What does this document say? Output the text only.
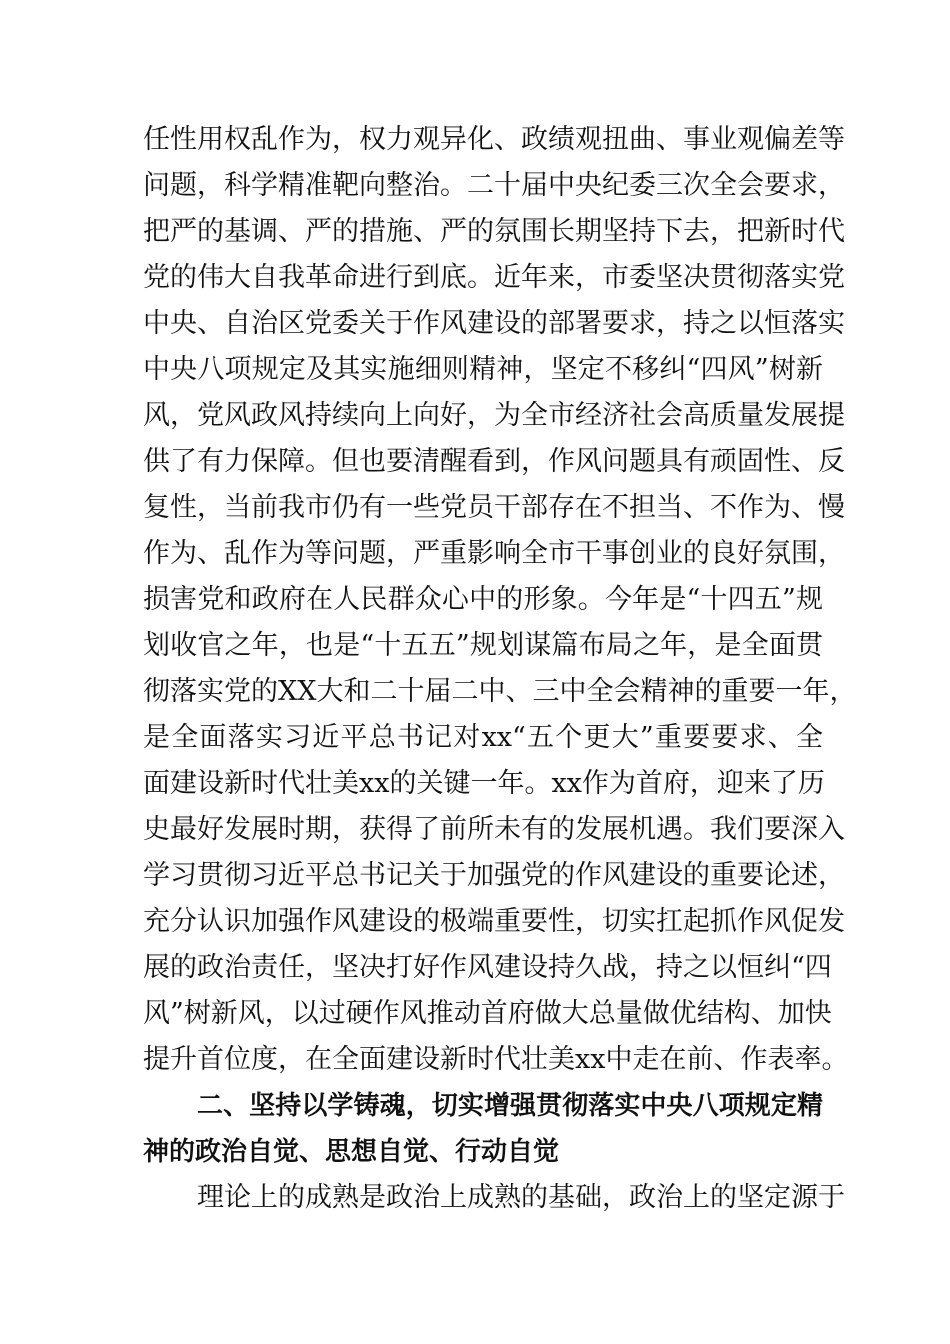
任性用权乱作为，权力观异化、政绩观扭曲、事业观偏差等
问题，科学精准靶向整治。二十届中央纪委三次全会要求，
把严的基调、严的措施、严的氛围长期坚持下去，把新时代
党的伟大自我革命进行到底。近年来，市委坚决贯彻落实党
中央、自治区党委关于作风建设的部署要求，持之以恒落实
中央八项规定及其实施细则精神，坚定不移纠“四风”树新
风，党风政风持续向上向好，为全市经济社会高质量发展提
供了有力保障。但也要清醒看到，作风问题具有顽固性、反
复性，当前我市仍有一些党员干部存在不担当、不作为、慢
作为、乱作为等问题，严重影响全市干事创业的良好氛围，
损害党和政府在人民群众心中的形象。今年是“十四五”规
划收官之年，也是“十五五”规划谋篇布局之年，是全面贯
彻落实党的XX大和二十届二中、三中全会精神的重要一年，
是全面落实习近平总书记对xx“五个更大”重要要求、全
面建设新时代壮美xx的关键一年。xx作为首府，迎来了历
史最好发展时期，获得了前所未有的发展机遇。我们要深入
学习贯彻习近平总书记关于加强党的作风建设的重要论述，
充分认识加强作风建设的极端重要性，切实扛起抓作风促发
展的政治责任，坚决打好作风建设持久战，持之以恒纠“四
风”树新风，以过硬作风推动首府做大总量做优结构、加快
提升首位度，在全面建设新时代壮美xx中走在前、作表率。
二、坚持以学铸魂，切实增强贯彻落实中央八项规定精
神的政治自觉、思想自觉、行动自觉
理论上的成熟是政治上成熟的基础，政治上的坚定源于
